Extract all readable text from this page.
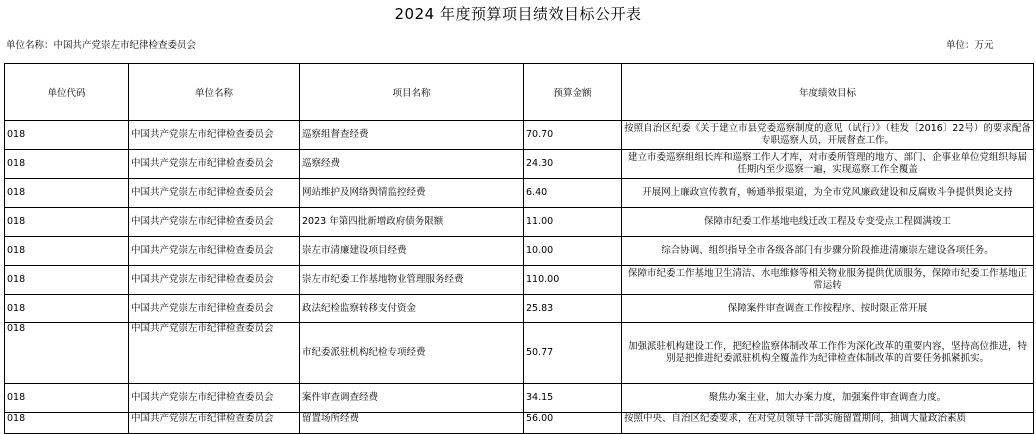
2024 年度预算项目绩效目标公开表
单位名称：中国共产党崇左市纪律检查委员会	单位：万元
单位代码	单位名称	项目名称	预算金额	年度绩效目标
018	中国共产党崇左市纪律检查委员会	巡察组督查经费	70.70	按照自治区纪委《关于建立市县党委巡察制度的意见（试行）》（桂发〔2016〕22号）的要求配备专职巡察人员，开展督查工作。
018	中国共产党崇左市纪律检查委员会	巡察经费	24.30	建立市委巡察组组长库和巡察工作人才库，对市委所管理的地方、部门、企事业单位党组织每届任期内至少巡察一遍，实现巡察工作全覆盖
018	中国共产党崇左市纪律检查委员会	网站维护及网络舆情监控经费	6.40	开展网上廉政宣传教育，畅通举报渠道，为全市党风廉政建设和反腐败斗争提供舆论支持
018	中国共产党崇左市纪律检查委员会	2023 年第四批新增政府债务限额	11.00	保障市纪委工作基地电线迁改工程及专变受点工程圆满竣工
018	中国共产党崇左市纪律检查委员会	崇左市清廉建设项目经费	10.00	综合协调、组织指导全市各级各部门有步骤分阶段推进清廉崇左建设各项任务。
018	中国共产党崇左市纪律检查委员会	崇左市纪委工作基地物业管理服务经费	110.00	保障市纪委工作基地卫生清洁、水电维修等相关物业服务提供优质服务，保障市纪委工作基地正常运转
018	中国共产党崇左市纪律检查委员会	政法纪检监察转移支付资金	25.83	保障案件审查调查工作按程序、按时限正常开展
018	中国共产党崇左市纪律检查委员会	市纪委派驻机构纪检专项经费	50.77	加强派驻机构建设工作，把纪检监察体制改革工作作为深化改革的重要内容，坚持高位推进，特别是把推进纪委派驻机构全覆盖作为纪律检查体制改革的首要任务抓紧抓实。
018	中国共产党崇左市纪律检查委员会	案件审查调查经费	34.15	聚焦办案主业，加大办案力度，加强案件审查调查力度。
018	中国共产党崇左市纪律检查委员会	留置场所经费	56.00	按照中央、自治区纪委要求，在对党员领导干部实施留置期间，抽调大量政治素质
